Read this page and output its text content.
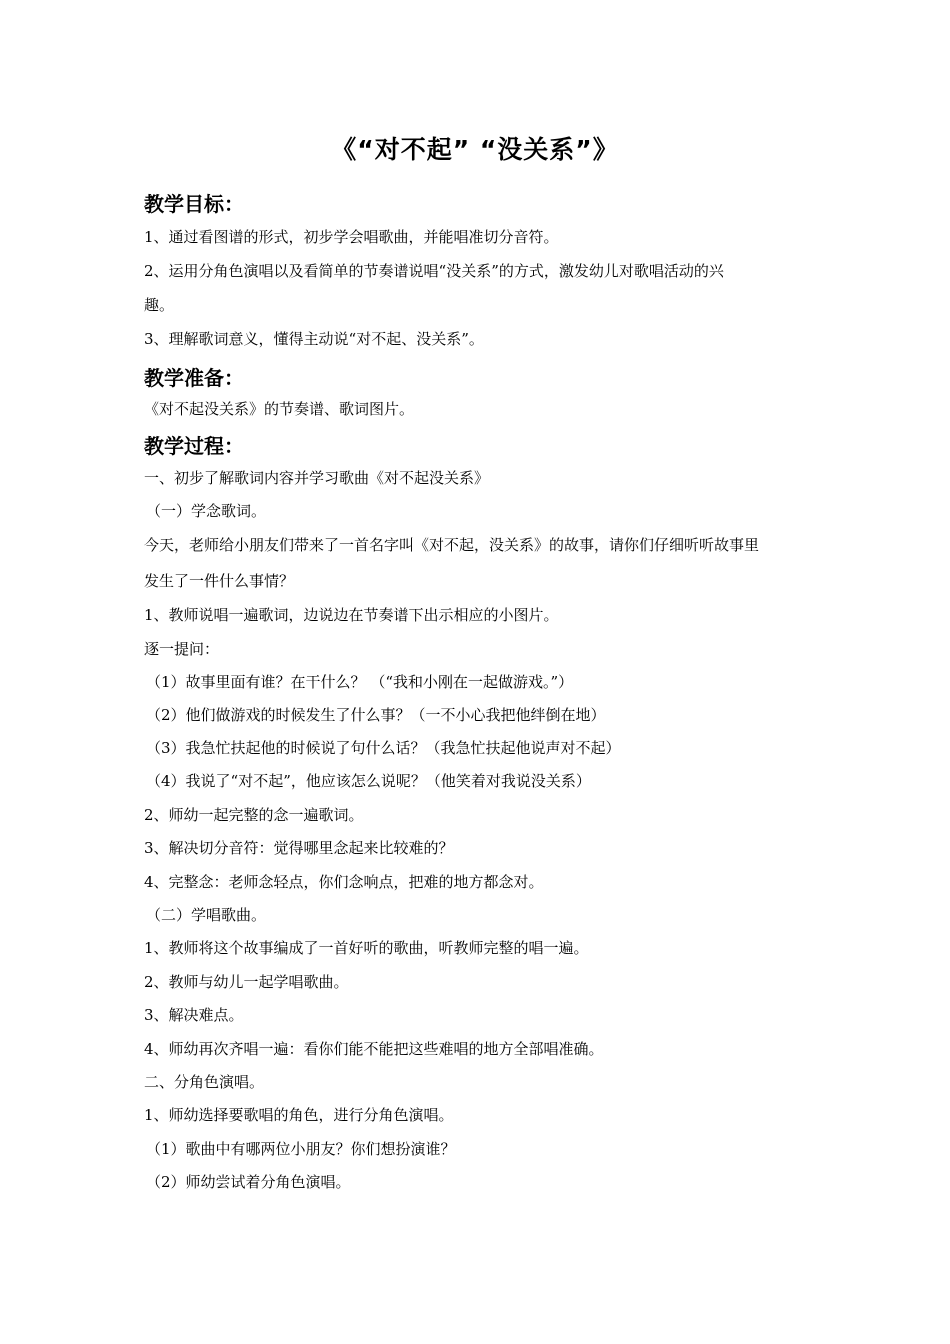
《“对不起” “没关系”》
教学目标：
1、通过看图谱的形式，初步学会唱歌曲，并能唱准切分音符。
2、运用分角色演唱以及看简单的节奏谱说唱“没关系”的方式，激发幼儿对歌唱活动的兴
趣。
3、理解歌词意义，懂得主动说“对不起、没关系”。
教学准备：
《对不起没关系》的节奏谱、歌词图片。
教学过程：
一、初步了解歌词内容并学习歌曲《对不起没关系》
（一）学念歌词。
今天，老师给小朋友们带来了一首名字叫《对不起，没关系》的故事，请你们仔细听听故事里
发生了一件什么事情？
1、教师说唱一遍歌词，边说边在节奏谱下出示相应的小图片。
逐一提问：
（1）故事里面有谁？在干什么？ （“我和小刚在一起做游戏。”）
（2）他们做游戏的时候发生了什么事？（一不小心我把他绊倒在地）
（3）我急忙扶起他的时候说了句什么话？（我急忙扶起他说声对不起）
（4）我说了“对不起”，他应该怎么说呢？（他笑着对我说没关系）
2、师幼一起完整的念一遍歌词。
3、解决切分音符：觉得哪里念起来比较难的？
4、完整念：老师念轻点，你们念响点，把难的地方都念对。
（二）学唱歌曲。
1、教师将这个故事编成了一首好听的歌曲，听教师完整的唱一遍。
2、教师与幼儿一起学唱歌曲。
3、解决难点。
4、师幼再次齐唱一遍：看你们能不能把这些难唱的地方全部唱准确。
二、分角色演唱。
1、师幼选择要歌唱的角色，进行分角色演唱。
（1）歌曲中有哪两位小朋友？你们想扮演谁？
（2）师幼尝试着分角色演唱。
